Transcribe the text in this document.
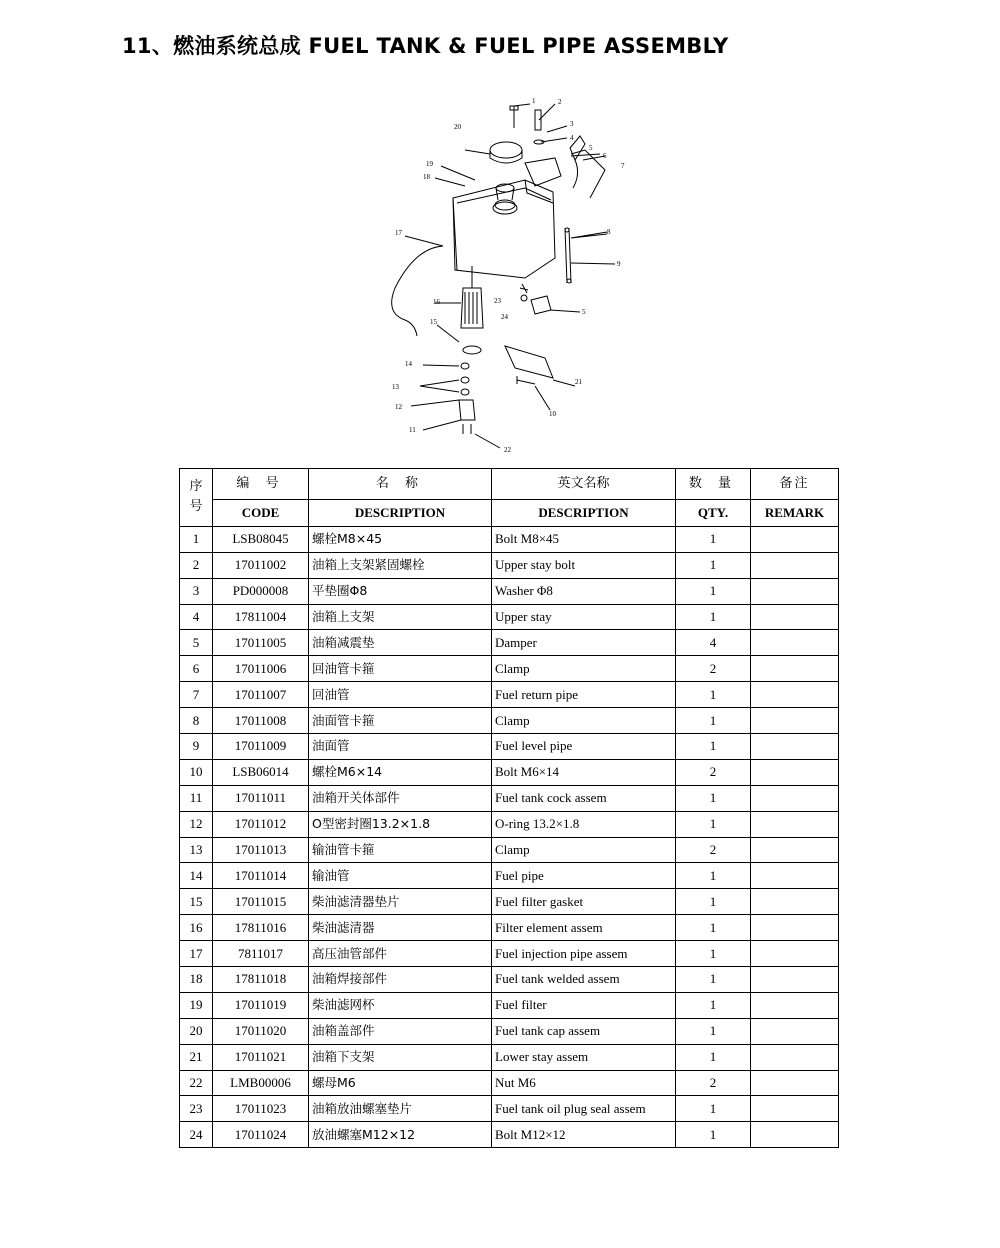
11、燃油系统总成 FUEL TANK & FUEL PIPE ASSEMBLY
1	2
3
4
5
6
7
8
9
5
21
10
22
11
12
13
14
15
16
17
18
19
20
23
24
序号	编 号	名 称	英文名称	数 量	备注
	CODE	DESCRIPTION	DESCRIPTION	QTY.	REMARK
1	LSB08045	螺栓M8×45	Bolt M8×45	1	
2	17011002	油箱上支架紧固螺栓	Upper stay bolt	1	
3	PD000008	平垫圈Φ8	Washer Φ8	1	
4	17811004	油箱上支架	Upper stay	1	
5	17011005	油箱减震垫	Damper	4	
6	17011006	回油管卡箍	Clamp	2	
7	17011007	回油管	Fuel return pipe	1	
8	17011008	油面管卡箍	Clamp	1	
9	17011009	油面管	Fuel level pipe	1	
10	LSB06014	螺栓M6×14	Bolt M6×14	2	
11	17011011	油箱开关体部件	Fuel tank cock assem	1	
12	17011012	O型密封圈13.2×1.8	O-ring 13.2×1.8	1	
13	17011013	输油管卡箍	Clamp	2	
14	17011014	输油管	Fuel pipe	1	
15	17011015	柴油滤清器垫片	Fuel filter gasket	1	
16	17811016	柴油滤清器	Filter element assem	1	
17	7811017	高压油管部件	Fuel injection pipe assem	1	
18	17811018	油箱焊接部件	Fuel tank welded assem	1	
19	17011019	柴油滤网杯	Fuel filter	1	
20	17011020	油箱盖部件	Fuel tank cap assem	1	
21	17011021	油箱下支架	Lower stay assem	1	
22	LMB00006	螺母M6	Nut M6	2	
23	17011023	油箱放油螺塞垫片	Fuel tank oil plug seal assem	1	
24	17011024	放油螺塞M12×12	Bolt M12×12	1	
